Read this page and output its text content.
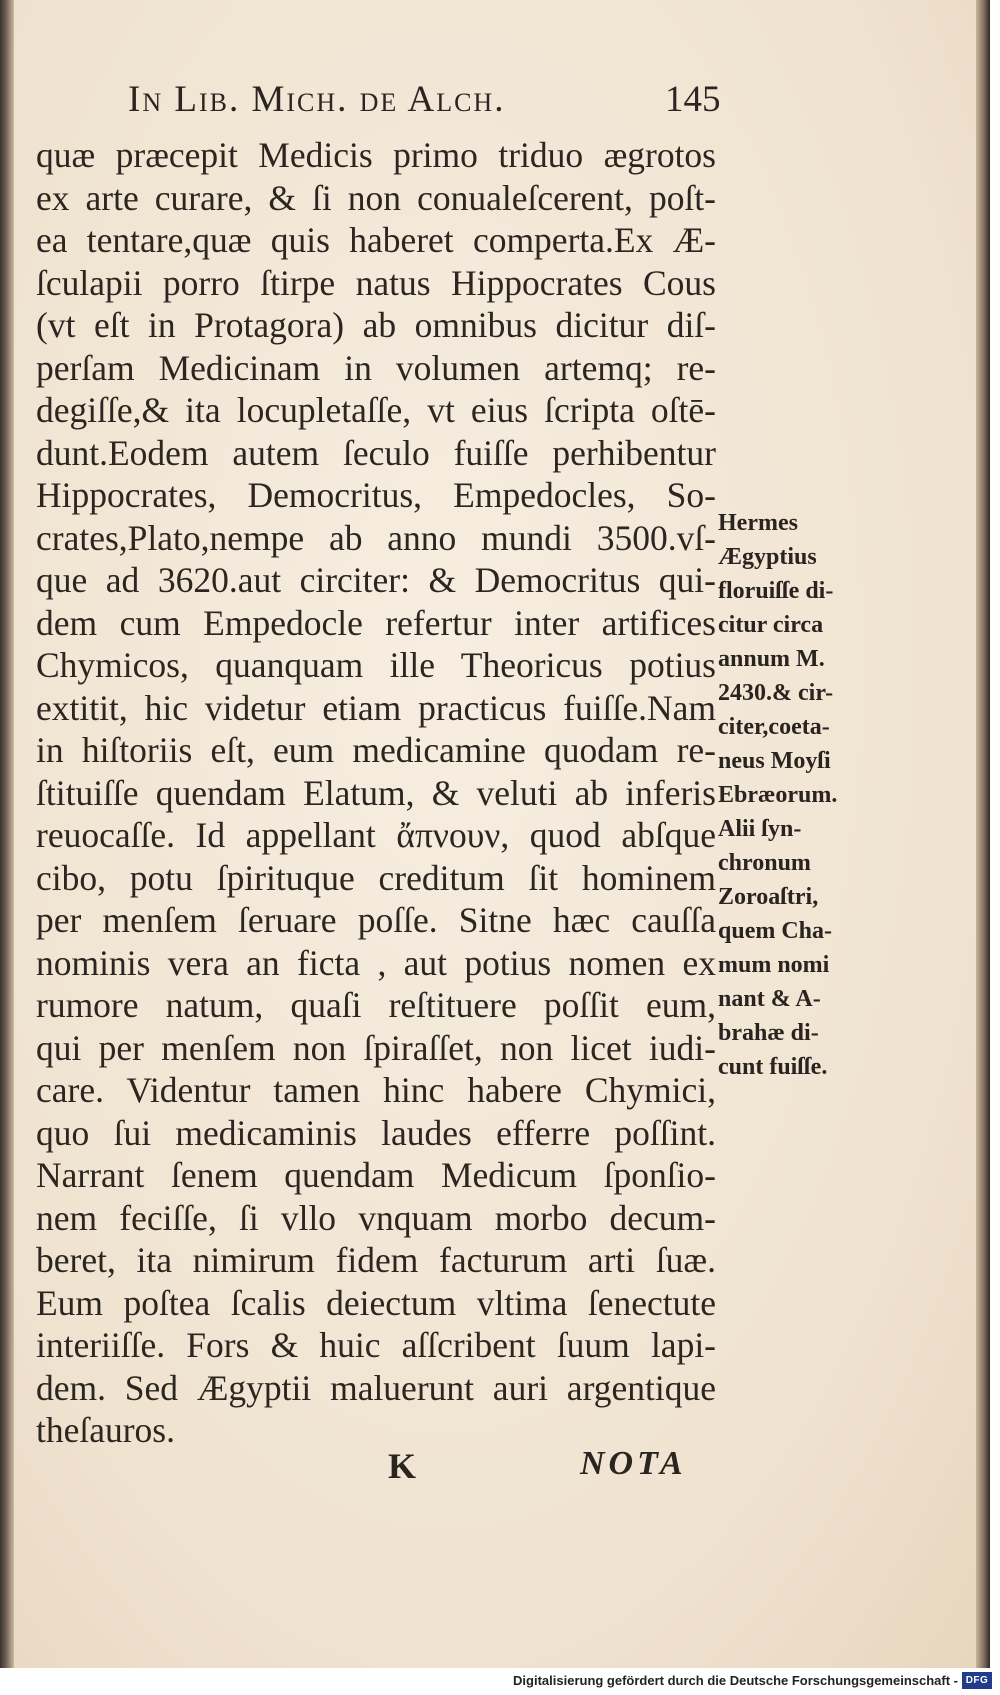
In Lib. Mich. de Alch.	145
quæ præcepit Medicis primo triduo ægrotos
ex arte curare, & ſi non conualeſcerent, poſt-
ea tentare,quæ quis haberet comperta.Ex Æ-
ſculapii porro ſtirpe natus Hippocrates Cous
(vt eſt in Protagora) ab omnibus dicitur diſ-
perſam Medicinam in volumen artemq; re-
degiſſe,& ita locupletaſſe, vt eius ſcripta oſtē-
dunt.Eodem autem ſeculo fuiſſe perhibentur
Hippocrates, Democritus, Empedocles, So-
crates,Plato,nempe ab anno mundi 3500.vſ-
que ad 3620.aut circiter: & Democritus qui-
dem cum Empedocle refertur inter artifices
Chymicos, quanquam ille Theoricus potius
extitit, hic videtur etiam practicus fuiſſe.Nam
in hiſtoriis eſt, eum medicamine quodam re-
ſtituiſſe quendam Elatum, & veluti ab inferis
reuocaſſe. Id appellant ἄπνουν, quod abſque
cibo, potu ſpirituque creditum ſit hominem
per menſem ſeruare poſſe. Sitne hæc cauſſa
nominis vera an ficta , aut potius nomen ex
rumore natum, quaſi reſtituere poſſit eum,
qui per menſem non ſpiraſſet, non licet iudi-
care. Videntur tamen hinc habere Chymici,
quo ſui medicaminis laudes efferre poſſint.
Narrant ſenem quendam Medicum ſponſio-
nem feciſſe, ſi vllo vnquam morbo decum-
beret, ita nimirum fidem facturum arti ſuæ.
Eum poſtea ſcalis deiectum vltima ſenectute
interiiſſe. Fors & huic aſſcribent ſuum lapi-
dem. Sed Ægyptii maluerunt auri argentique
theſauros.
Hermes
Ægyptius
floruiſſe di-
citur circa
annum M.
2430.& cir-
citer,coeta-
neus Moyſi
Ebræorum.
Alii ſyn-
chronum
Zoroaſtri,
quem Cha-
mum nomi
nant & A-
brahæ di-
cunt fuiſſe.
K	NOTA
Digitalisierung gefördert durch die Deutsche Forschungsgemeinschaft - DFG
